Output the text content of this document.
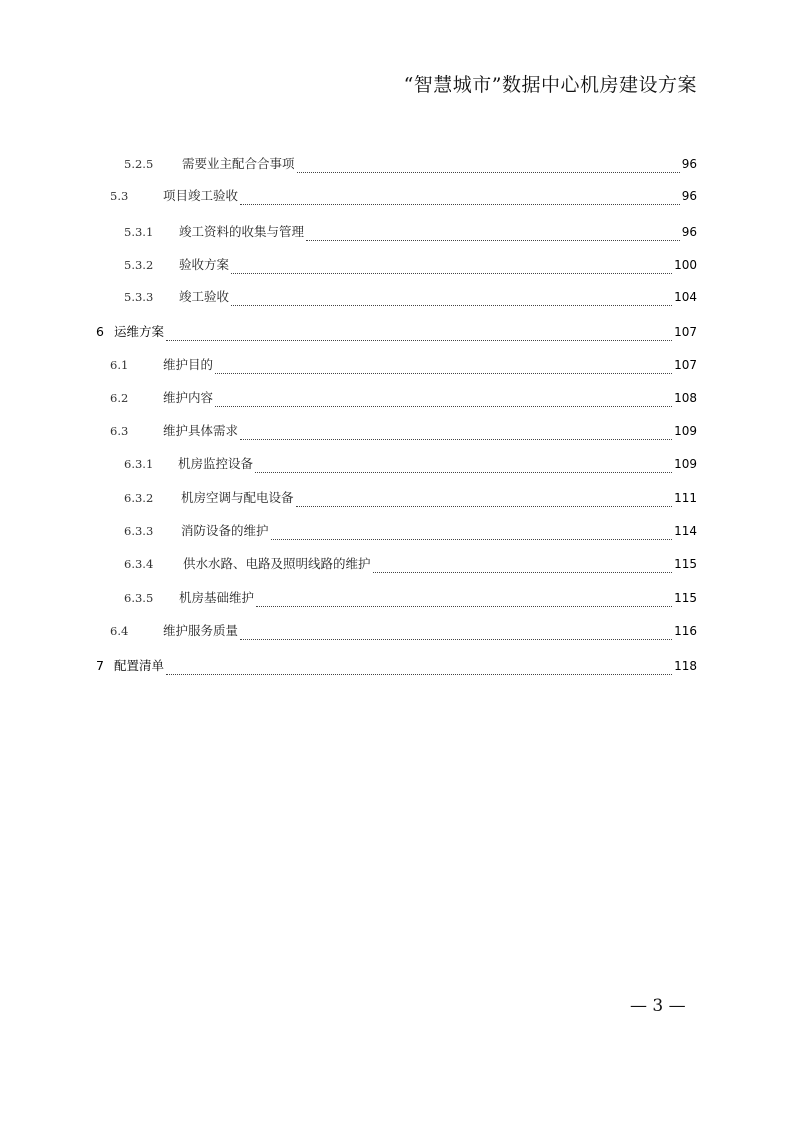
“智慧城市”数据中心机房建设方案
5.2.5	需要业主配合合事项	96
5.3	项目竣工验收	96
5.3.1	竣工资料的收集与管理	96
5.3.2	验收方案	100
5.3.3	竣工验收	104
6 运维方案	107
6.1	维护目的	107
6.2	维护内容	108
6.3	维护具体需求	109
6.3.1	机房监控设备	109
6.3.2	机房空调与配电设备	111
6.3.3	消防设备的维护	114
6.3.4	供水水路、电路及照明线路的维护	115
6.3.5	机房基础维护	115
6.4	维护服务质量	116
7 配置清单	118
— 3 —
